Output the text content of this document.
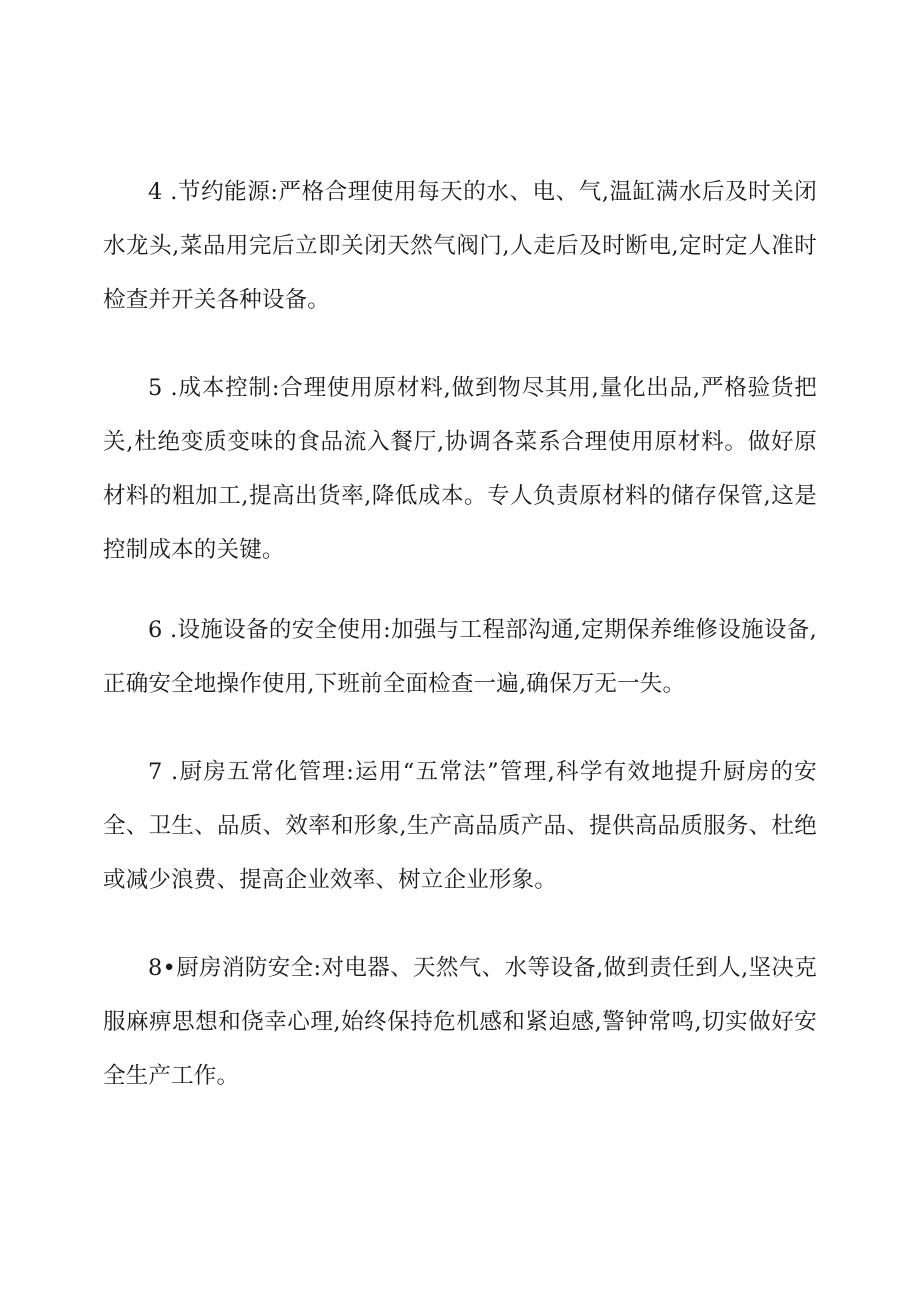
4 .节约能源:严格合理使用每天的水、电、气,温缸满水后及时关闭水龙头,菜品用完后立即关闭天然气阀门,人走后及时断电,定时定人准时检查并开关各种设备。

5 .成本控制:合理使用原材料,做到物尽其用,量化出品,严格验货把关,杜绝变质变味的食品流入餐厅,协调各菜系合理使用原材料。做好原材料的粗加工,提高出货率,降低成本。专人负责原材料的储存保管,这是控制成本的关键。

6 .设施设备的安全使用:加强与工程部沟通,定期保养维修设施设备,正确安全地操作使用,下班前全面检查一遍,确保万无一失。

7 .厨房五常化管理:运用“五常法”管理,科学有效地提升厨房的安全、卫生、品质、效率和形象,生产高品质产品、提供高品质服务、杜绝或减少浪费、提高企业效率、树立企业形象。

8•厨房消防安全:对电器、天然气、水等设备,做到责任到人,坚决克服麻痹思想和侥幸心理,始终保持危机感和紧迫感,警钟常鸣,切实做好安全生产工作。
